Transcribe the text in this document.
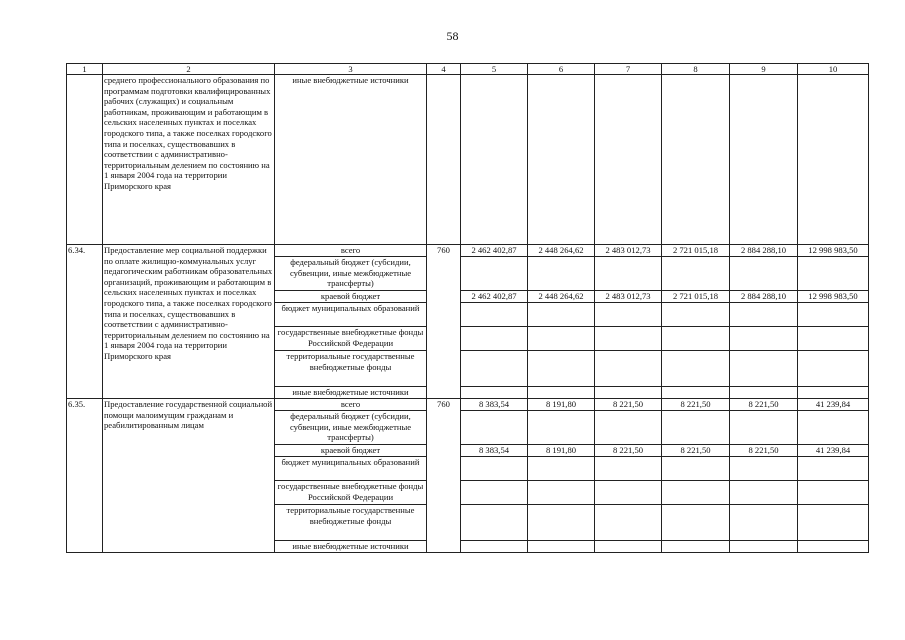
58
1	2	3	4	5	6	7	8	9	10
	среднего профессионального образования по программам подготовки квалифицированных рабочих (служащих) и социальным работникам, проживающим и работающим в сельских населенных пунктах и поселках городского типа, а также поселках городского типа и поселках, существовавших в соответствии с административно-территориальным делением по состоянию на 1 января 2004 года на территории Приморского края	иные внебюджетные источники							
6.34.	Предоставление мер социальной поддержки по оплате жилищно-коммунальных услуг педагогическим работникам образовательных организаций, проживающим и работающим в сельских населенных пунктах и поселках городского типа, а также поселках городского типа и поселках, существовавших в соответствии с административно-территориальным делением по состоянию на 1 января 2004 года на территории Приморского края	всего	760	2 462 402,87	2 448 264,62	2 483 012,73	2 721 015,18	2 884 288,10	12 998 983,50
		федеральный бюджет (субсидии, субвенции, иные межбюджетные трансферты)							
		краевой бюджет		2 462 402,87	2 448 264,62	2 483 012,73	2 721 015,18	2 884 288,10	12 998 983,50
		бюджет муниципальных образований							
		государственные внебюджетные фонды Российской Федерации							
		территориальные государственные внебюджетные фонды							
		иные внебюджетные источники							
6.35.	Предоставление государственной социальной помощи малоимущим гражданам и реабилитированным лицам	всего	760	8 383,54	8 191,80	8 221,50	8 221,50	8 221,50	41 239,84
		федеральный бюджет (субсидии, субвенции, иные межбюджетные трансферты)							
		краевой бюджет		8 383,54	8 191,80	8 221,50	8 221,50	8 221,50	41 239,84
		бюджет муниципальных образований							
		государственные внебюджетные фонды Российской Федерации							
		территориальные государственные внебюджетные фонды							
		иные внебюджетные источники							
